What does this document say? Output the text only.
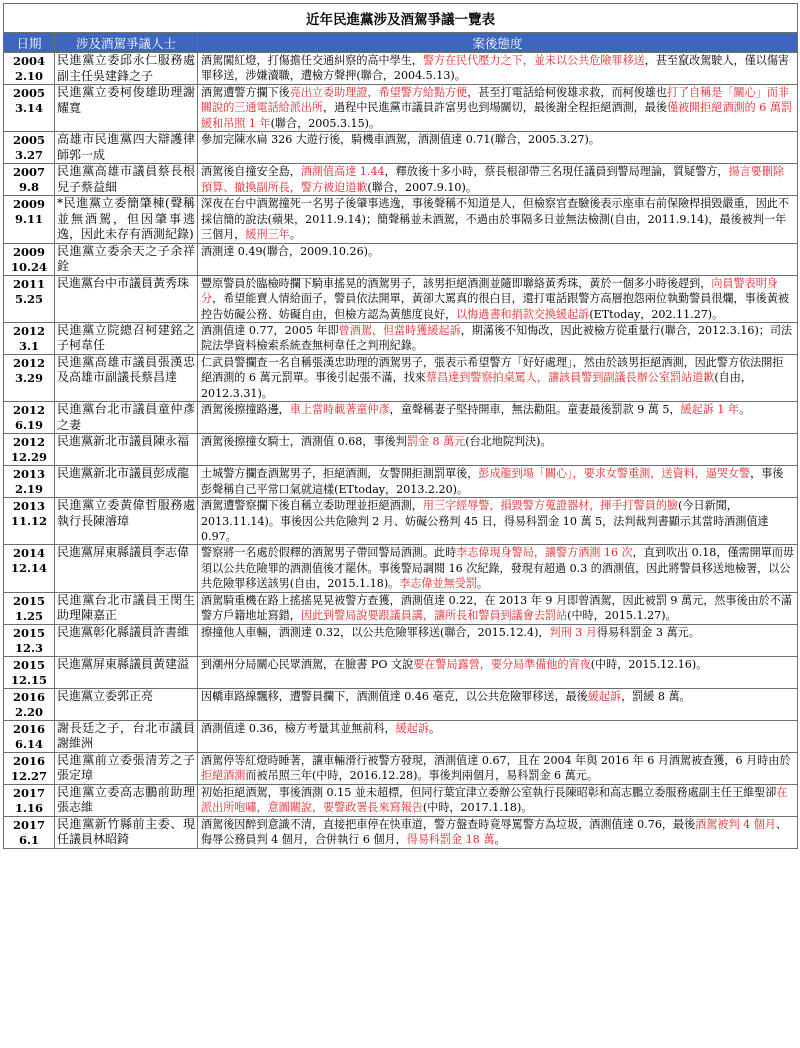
近年民進黨涉及酒駕爭議一覽表		
日期	涉及酒駕爭議人士	案後態度

2004
2.10	民進黨立委邱永仁服務處副主任吳建鋒之子	酒駕闖紅燈，打傷擔任交通糾察的高中學生，警方在民代壓力之下，並未以公共危險罪移送，甚至竄改駕駛人，僅以傷害罪移送，涉嫌瀆職，遭檢方聲押(聯合，2004.5.13)。

2005
3.14	民進黨立委柯俊雄助理謝耀寬	酒駕遭警方攔下後亮出立委助理證，希望警方給點方便，甚至打電話給柯俊雄求救，而柯俊雄也打了自稱是「關心」而非關說的三通電話給派出所，過程中民進黨市議員許富男也到場關切，最後謝全程拒絕酒測，最後僅被開拒絕酒測的 6 萬罰緩和吊照 1 年(聯合，2005.3.15)。

2005
3.27	高雄市民進黨四大辯護律師郭一成	參加完陳水扁 326 大遊行後，騎機車酒駕，酒測值達 0.71(聯合，2005.3.27)。

2007
9.8	民進黨高雄市議員蔡長根兒子蔡益細	酒駕後自撞安全島，酒測值高達 1.44，釋放後十多小時，蔡長根卻帶三名現任議員到警局理論，質疑警方，揚言要刪除預算、撤換副所長，警方被迫道歉(聯合，2007.9.10)。

2009
9.11	*民進黨立委簡肇棟(聲稱並無酒駕，但因肇事逃逸，因此未存有酒測紀錄)	深夜在台中酒駕撞死一名男子後肇事逃逸，事後聲稱不知道是人，但檢察官查驗後表示座車右前保險桿損毀嚴重，因此不採信簡的說法(蘋果，2011.9.14)；簡聲稱並未酒駕，不過由於事隔多日並無法檢測(自由，2011.9.14)，最後被判一年三個月，緩刑三年。

2009
10.24	民進黨立委余天之子余祥銓	酒測達 0.49(聯合，2009.10.26)。

2011
5.25	民進黨台中市議員黃秀珠	豐原警員於臨檢時攔下騎車搖晃的酒駕男子，該男拒絕酒測並隨即聯絡黃秀珠，黃於一個多小時後趕到，向員警表明身分，希望能賣人情給面子，警員依法開單，黃卻大罵真的很白目，還打電話跟警方高層抱怨兩位執勤警員很爛，事後黃被控告妨礙公務、妨礙自由，但檢方認為黃態度良好，以悔過書和捐款交換緩起訴(ETtoday，202.11.27)。

2012
3.1	民進黨立院總召柯建銘之子柯韋任	酒測值達 0.77，2005 年即曾酒駕，但當時獲緩起訴，期滿後不知悔改，因此被檢方從重量行(聯合，2012.3.16)；司法院法學資料檢索系統查無柯韋任之判刑紀錄。

2012
3.29	民進黨高雄市議員張漢忠及高雄市副議長蔡昌達	仁武員警攔查一名自稱張漢忠助理的酒駕男子，張表示希望警方「好好處理」，然由於該男拒絕酒測，因此警方依法開拒絕酒測的 6 萬元罰單。事後引起張不滿，找來蔡昌達到警察拍桌罵人，讓該員警到副議長辦公室罰站道歉(自由，2012.3.31)。

2012
6.19	民進黨台北市議員童仲彥之妻	酒駕後擦撞路邊，車上當時載著童仲彥，童聲稱妻子堅持開車，無法勸阻。童妻最後罰款 9 萬 5，緩起訴 1 年。

2012
12.29	民進黨新北市議員陳永福	酒駕後擦撞女騎士，酒測值 0.68，事後判罰金 8 萬元(台北地院判決)。

2013
2.19	民進黨新北市議員彭成龍	土城警方攔查酒駕男子，拒絕酒測，女警開拒測罰單後，彭成龍到場「關心」，要求女警重測，送資料，逼哭女警，事後彭聲稱自己平常口氣就這樣(ETtoday，2013.2.20)。

2013
11.12	民進黨立委黃偉哲服務處執行長陳濬璋	酒駕遭警察攔下後自稱立委助理並拒絕酒測，用三字經辱警，損毀警方蒐證器材，揮手打警員的臉(今日新聞，2013.11.14)。事後因公共危險判 2 月、妨礙公務判 45 日，得易科罰金 10 萬 5，法判裁判書顯示其當時酒測值達 0.97。

2014
12.14	民進黨屏東縣議員李志偉	警察將一名處於假釋的酒駕男子帶回警局酒測。此時李志偉現身警局，讓警方酒測 16 次，直到吹出 0.18，僅需開單而毋須以公共危險罪的酒測值後才罷休。事後警局調閱 16 次紀錄，發現有超過 0.3 的酒測值，因此將警員移送地檢署，以公共危險罪移送該男(自由，2015.1.18)。李志偉並無受罰。

2015
1.25	民進黨台北市議員王閔生助理陳嘉正	酒駕騎重機在路上搖搖晃晃被警方查獲，酒測值達 0.22，在 2013 年 9 月即曾酒駕，因此被罰 9 萬元，然事後由於不滿警方戶籍地址寫錯，因此到警局說要跟議員講，讓所長和警員到議會去罰站(中時，2015.1.27)。

2015
12.3	民進黨彰化縣議員許書維	擦撞他人車輛，酒測達 0.32，以公共危險罪移送(聯合，2015.12.4)，判刑 3 月得易科罰金 3 萬元。

2015
12.15	民進黨屏東縣議員黃建溢	到潮州分局關心民眾酒駕，在臉書 PO 文說要在警局露營，要分局準備他的宵夜(中時，2015.12.16)。

2016
2.20	民進黨立委郭正亮	因轎車路線飄移，遭警員攔下，酒測值達 0.46 毫克，以公共危險罪移送，最後緩起訴，罰緩 8 萬。

2016
6.14	謝長廷之子，台北市議員謝維洲	酒測值達 0.36，檢方考量其並無前科，緩起訴。

2016
12.27	民進黨前立委張清芳之子張定璋	酒駕停等紅燈時睡著，讓車輛滑行被警方發現，酒測值達 0.67，且在 2004 年與 2016 年 6 月酒駕被查獲，6 月時由於拒絕酒測而被吊照三年(中時，2016.12.28)。事後判兩個月，易科罰金 6 萬元。

2017
1.16	民進黨立委高志鵬前助理張志維	初始拒絕酒駕，事後酒測 0.15 並未超標，但同行葉宜津立委辦公室執行長陳昭彰和高志鵬立委服務處副主任王維聖卻在派出所咆嘯，意圖關說，要警政署長來寫報告(中時，2017.1.18)。

2017
6.1	民進黨新竹縣前主委、現任議員林昭錡	酒駕後因醉到意識不清，直接把車停在快車道，警方盤查時竟辱罵警方為垃圾，酒測值達 0.76，最後酒駕被判 4 個月、侮辱公務員判 4 個月，合併執行 6 個月，得易科罰金 18 萬。
